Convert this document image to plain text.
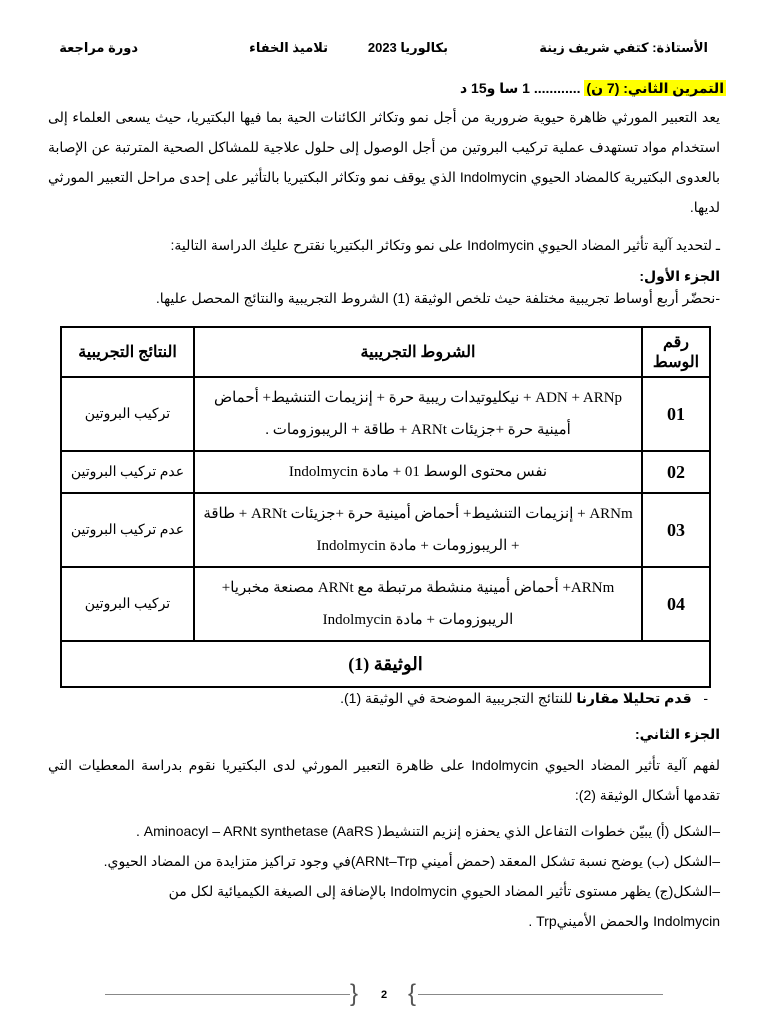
الأستاذة: كتفي شريف زينة
بكالوريا 2023
تلاميذ الخفاء
دورة مراجعة
التمرين الثاني: (7 ن) ............ 1 سا و15 د
يعد التعبير المورثي ظاهرة حيوية ضرورية من أجل نمو وتكاثر الكائنات الحية بما فيها البكتيريا، حيث يسعى العلماء إلى استخدام مواد تستهدف عملية تركيب البروتين من أجل الوصول إلى حلول علاجية للمشاكل الصحية المترتبة عن الإصابة بالعدوى البكتيرية كالمضاد الحيوي Indolmycin الذي يوقف نمو وتكاثر البكتيريا بالتأثير على إحدى مراحل التعبير المورثي لديها.
ـ لتحديد آلية تأثير المضاد الحيوي Indolmycin على نمو وتكاثر البكتيريا نقترح عليك الدراسة التالية:
الجزء الأول:
-نحضّر أربع أوساط تجريبية مختلفة حيث تلخص الوثيقة (1) الشروط التجريبية والنتائج المحصل عليها.
رقم الوسط	الشروط التجريبية	النتائج التجريبية
01	ADN + ARNp + نيكليوتيدات ريبية حرة + إنزيمات التنشيط+ أحماض أمينية حرة +جزيئات ARNt + طاقة + الريبوزومات .	تركيب البروتين
02	نفس محتوى الوسط 01 + مادة Indolmycin	عدم تركيب البروتين
03	ARNm + إنزيمات التنشيط+ أحماض أمينية حرة +جزيئات ARNt + طاقة + الريبوزومات + مادة Indolmycin	عدم تركيب البروتين
04	ARNm+ أحماض أمينية منشطة مرتبطة مع ARNt مصنعة مخبريا+ الريبوزومات + مادة Indolmycin	تركيب البروتين
الوثيقة (1)		
-   قدم تحليلا مقارنا للنتائج التجريبية الموضحة في الوثيقة (1).
الجزء الثاني:
لفهم آلية تأثير المضاد الحيوي Indolmycin على ظاهرة التعبير المورثي لدى البكتيريا نقوم بدراسة المعطيات التي تقدمها أشكال الوثيقة (2):
–الشكل (أ) يبيّن خطوات التفاعل الذي يحفزه إنزيم التنشيطAminoacyl – ARNt synthetase (AaRS ) .
–الشكل (ب) يوضح نسبة تشكل المعقد (حمض أميني ARNt–Trp)في وجود تراكيز متزايدة من المضاد الحيوي.
–الشكل(ج) يظهر مستوى تأثير المضاد الحيوي Indolmycin بالإضافة إلى الصيغة الكيميائية لكل من
Indolmycin والحمض الأمينيTrp .
{ }
2
